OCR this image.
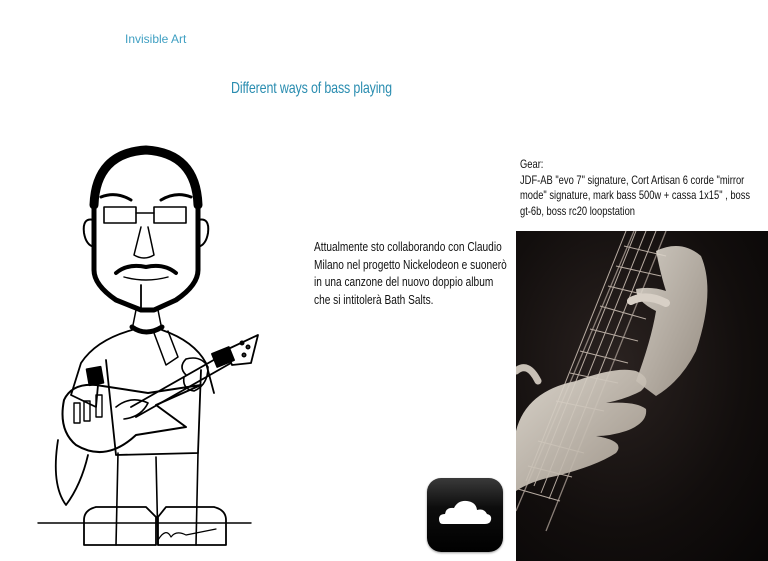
Invisible Art
Different ways of bass playing
Gear:
JDF-AB "evo 7" signature, Cort Artisan 6 corde "mirror mode" signature, mark bass 500w + cassa 1x15" , boss gt-6b, boss rc20 loopstation
Attualmente sto collaborando con Claudio Milano nel progetto Nickelodeon e suonerò in una canzone del nuovo doppio album che si intitolerà Bath Salts.
